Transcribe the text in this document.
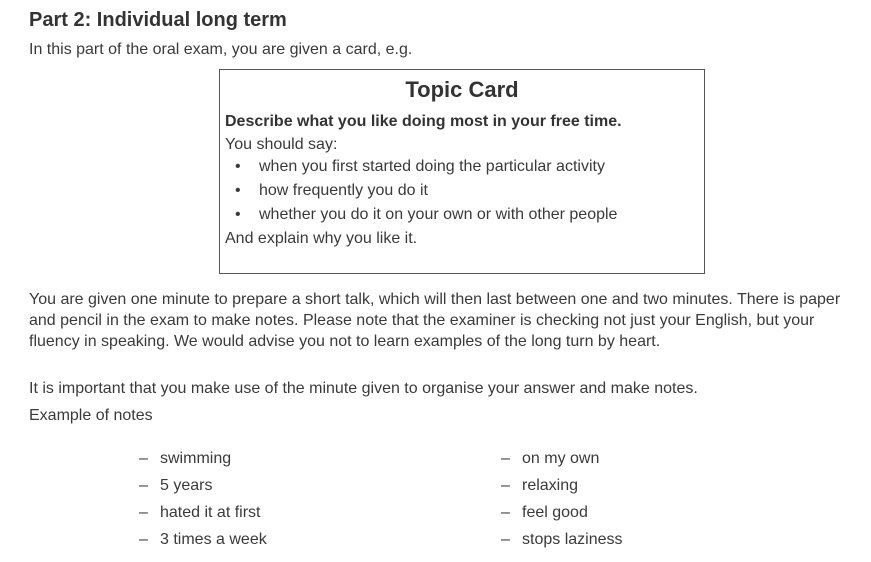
Part 2: Individual long term

In this part of the oral exam, you are given a card, e.g.

Topic Card

Describe what you like doing most in your free time.

You should say:

•	when you first started doing the particular activity
•	how frequently you do it
•	whether you do it on your own or with other people

And explain why you like it.

You are given one minute to prepare a short talk, which will then last between one and two minutes. There is paper and pencil in the exam to make notes. Please note that the examiner is checking not just your English, but your fluency in speaking. We would advise you not to learn examples of the long turn by heart.

It is important that you make use of the minute given to organise your answer and make notes.

Example of notes

– swimming
– 5 years
– hated it at first
– 3 times a week
– on my own
– relaxing
– feel good
– stops laziness
